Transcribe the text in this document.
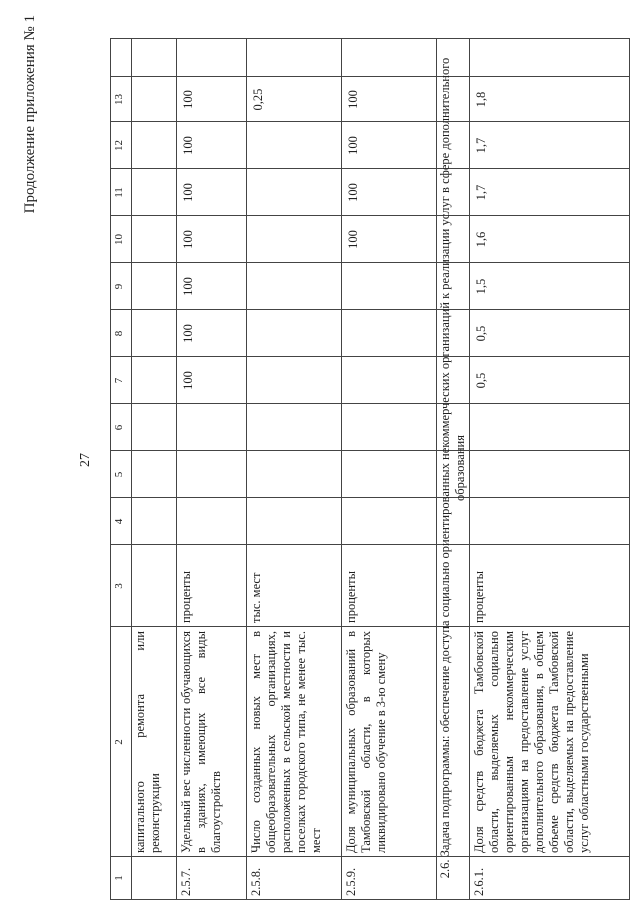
Продолжение приложения № 1
27
1
2
3
4
5
6
7
8
9
10
11
12
13
капитального ремонта или реконструкции
2.5.7.
Удельный вес численности обучающихся в зданиях, имеющих все виды благоустройств
проценты
100
100
100
100
100
100
100
2.5.8.
Число созданных новых мест в общеобразовательных организациях, расположенных в сельской местности и поселках городского типа, не менее тыс. мест
тыс. мест
0,25
2.5.9.
Доля муниципальных образований в Тамбовской области, в которых ликвидировано обучение в 3-ю смену
проценты
100
100
100
100	2.6. Задача подпрограммы: обеспечение доступа социально ориентированных некоммерческих организаций к реализации услуг в сфере дополнительного образования
2.6.1.
Доля средств бюджета Тамбовской области, выделяемых социально ориентированным некоммерческим организациям на предоставление услуг дополнительного образования, в общем объеме средств бюджета Тамбовской области, выделяемых на предоставление услуг областными государственными
проценты
0,5
0,5
1,5
1,6
1,7
1,7
1,8
